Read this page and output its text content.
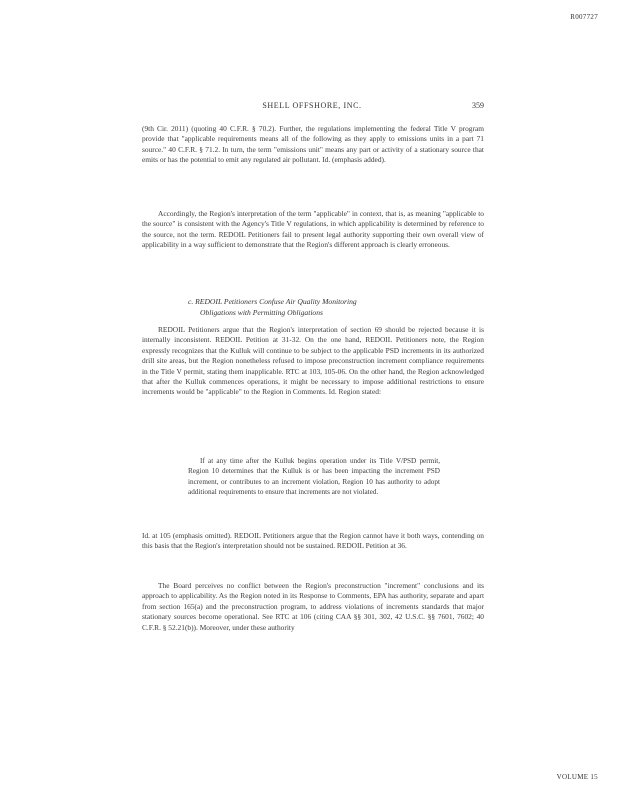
R007727
SHELL OFFSHORE, INC.	359
(9th Cir. 2011) (quoting 40 C.F.R. § 70.2). Further, the regulations implementing the federal Title V program provide that "applicable requirements means all of the following as they apply to emissions units in a part 71 source." 40 C.F.R. § 71.2. In turn, the term "emissions unit" means any part or activity of a stationary source that emits or has the potential to emit any regulated air pollutant. Id. (emphasis added).
Accordingly, the Region's interpretation of the term "applicable" in context, that is, as meaning "applicable to the source" is consistent with the Agency's Title V regulations, in which applicability is determined by reference to the source, not the term. REDOIL Petitioners fail to present legal authority supporting their own overall view of applicability in a way sufficient to demonstrate that the Region's different approach is clearly erroneous.
c. REDOIL Petitioners Confuse Air Quality Monitoring
Obligations with Permitting Obligations
REDOIL Petitioners argue that the Region's interpretation of section 69 should be rejected because it is internally inconsistent. REDOIL Petition at 31-32. On the one hand, REDOIL Petitioners note, the Region expressly recognizes that the Kulluk will continue to be subject to the applicable PSD increments in its authorized drill site areas, but the Region nonetheless refused to impose preconstruction increment compliance requirements in the Title V permit, stating them inapplicable. RTC at 103, 105-06. On the other hand, the Region acknowledged that after the Kulluk commences operations, it might be necessary to impose additional restrictions to ensure increments would be "applicable" to the Region in Comments. Id. Region stated:
If at any time after the Kulluk begins operation under its Title V/PSD permit, Region 10 determines that the Kulluk is or has been impacting the increment PSD increment, or contributes to an increment violation, Region 10 has authority to adopt additional requirements to ensure that increments are not violated.
Id. at 105 (emphasis omitted). REDOIL Petitioners argue that the Region cannot have it both ways, contending on this basis that the Region's interpretation should not be sustained. REDOIL Petition at 36.
The Board perceives no conflict between the Region's preconstruction "increment" conclusions and its approach to applicability. As the Region noted in its Response to Comments, EPA has authority, separate and apart from section 165(a) and the preconstruction program, to address violations of increments standards that major stationary sources become operational. See RTC at 106 (citing CAA §§ 301, 302, 42 U.S.C. §§ 7601, 7602; 40 C.F.R. § 52.21(b)). Moreover, under these authority
VOLUME 15
